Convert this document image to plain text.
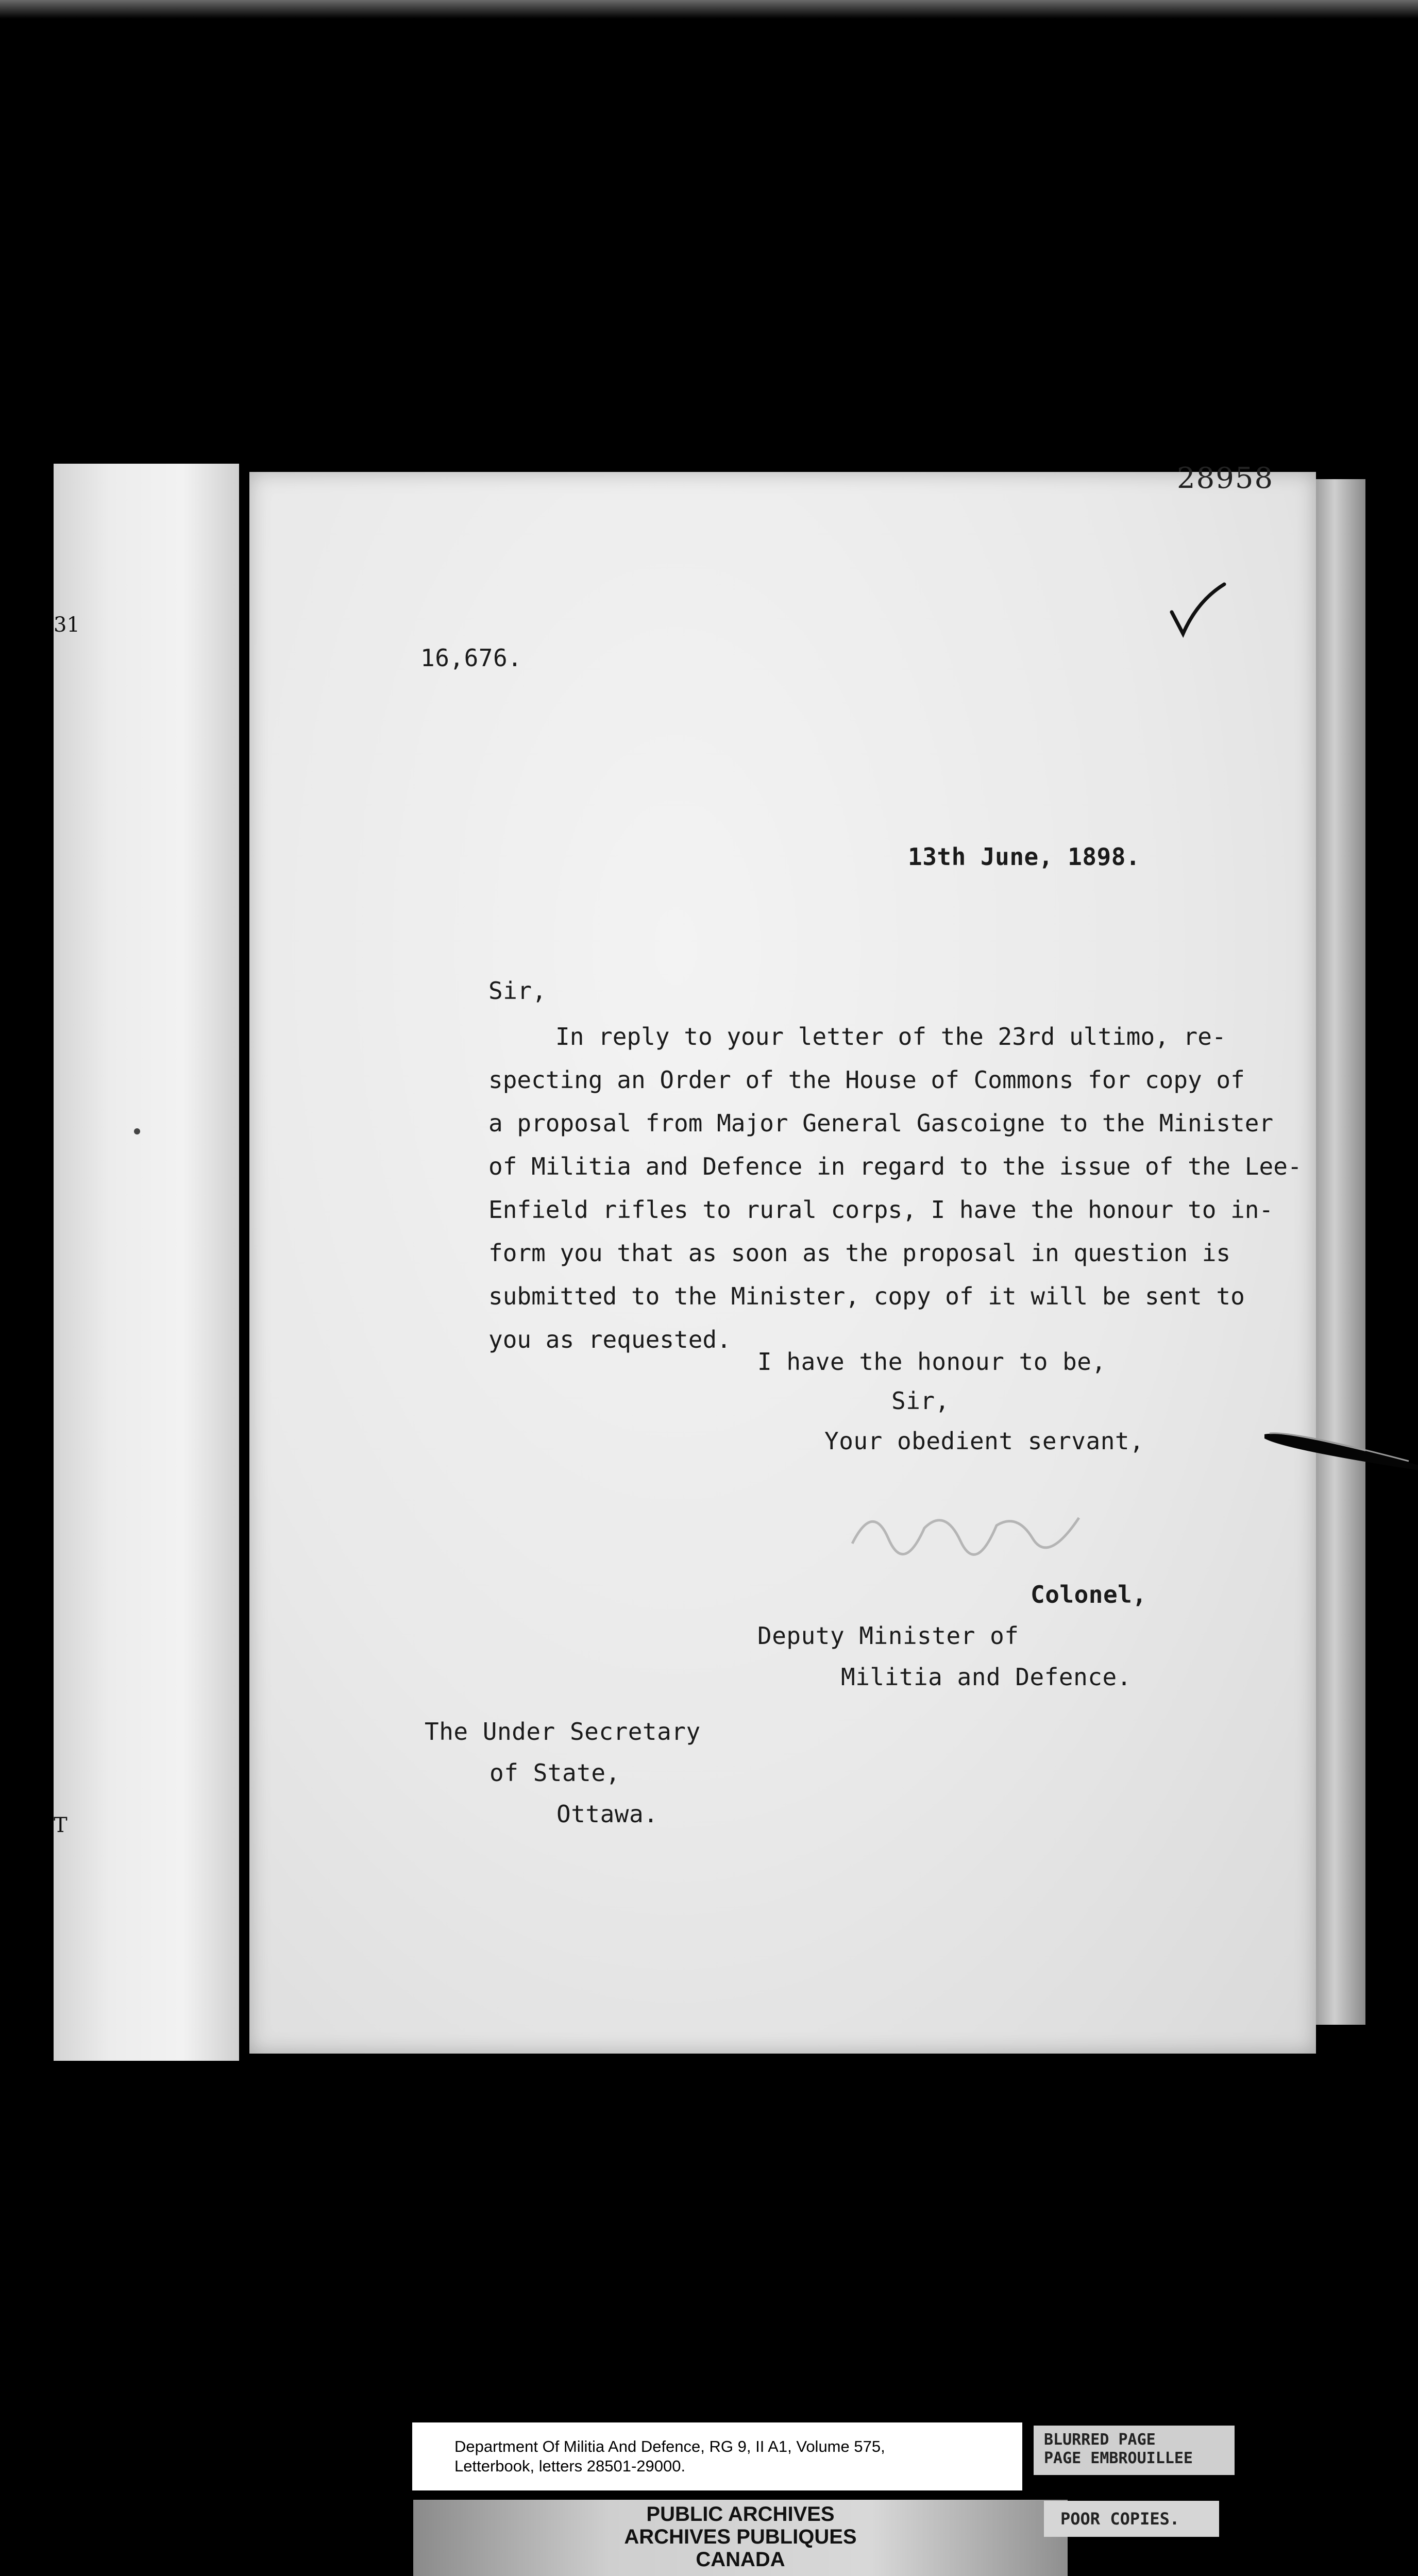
31
T
28958
16,676.
13th June, 1898.
Sir,
In reply to your letter of the 23rd ultimo, re-
specting an Order of the House of Commons for copy of
a proposal from Major General Gascoigne to the Minister
of Militia and Defence in regard to the issue of the Lee-
Enfield rifles to rural corps, I have the honour to in-
form you that as soon as the proposal in question is
submitted to the Minister, copy of it will be sent to
you as requested.
I have the honour to be,
Sir,
Your obedient servant,
Colonel,
Deputy Minister of
Militia and Defence.
The Under Secretary
of State,
Ottawa.
Department Of Militia And Defence, RG 9, II A1, Volume 575,
Letterbook, letters 28501-29000.
PUBLIC ARCHIVES
ARCHIVES PUBLIQUES
CANADA
BLURRED PAGE
PAGE EMBROUILLEE
POOR COPIES.
